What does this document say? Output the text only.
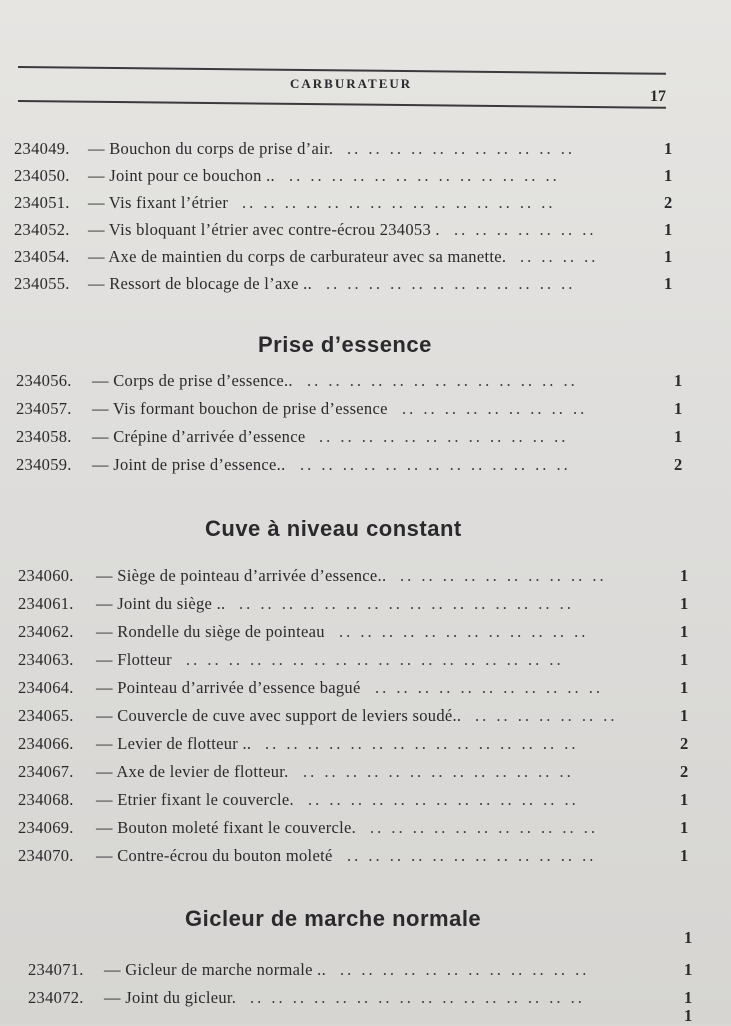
CARBURATEUR
17
234049. — Bouchon du corps de prise d’air. .. .. .. .. .. .. .. .. .. .. ..	1
234050. — Joint pour ce bouchon .. .. .. .. .. .. .. .. .. .. .. .. .. ..	1
234051. — Vis fixant l’étrier .. .. .. .. .. .. .. .. .. .. .. .. .. .. ..	2
234052. — Vis bloquant l’étrier avec contre-écrou 234053 . .. .. .. .. .. .. ..	1
234054. — Axe de maintien du corps de carburateur avec sa manette. .. .. .. ..	1
234055. — Ressort de blocage de l’axe .. .. .. .. .. .. .. .. .. .. .. .. ..	1
Prise d’essence
234056. — Corps de prise d’essence.. .. .. .. .. .. .. .. .. .. .. .. .. ..	1
234057. — Vis formant bouchon de prise d’essence .. .. .. .. .. .. .. .. ..	1
234058. — Crépine d’arrivée d’essence .. .. .. .. .. .. .. .. .. .. .. ..	1
234059. — Joint de prise d’essence.. .. .. .. .. .. .. .. .. .. .. .. .. ..	2
Cuve à niveau constant
234060. — Siège de pointeau d’arrivée d’essence.. .. .. .. .. .. .. .. .. .. ..	1
234061. — Joint du siège .. .. .. .. .. .. .. .. .. .. .. .. .. .. .. .. ..	1
234062. — Rondelle du siège de pointeau .. .. .. .. .. .. .. .. .. .. .. ..	1
234063. — Flotteur .. .. .. .. .. .. .. .. .. .. .. .. .. .. .. .. .. ..	1
234064. — Pointeau d’arrivée d’essence bagué .. .. .. .. .. .. .. .. .. .. ..	1
234065. — Couvercle de cuve avec support de leviers soudé.. .. .. .. .. .. .. ..	1
234066. — Levier de flotteur .. .. .. .. .. .. .. .. .. .. .. .. .. .. .. ..	2
234067. — Axe de levier de flotteur. .. .. .. .. .. .. .. .. .. .. .. .. ..	2
234068. — Etrier fixant le couvercle. .. .. .. .. .. .. .. .. .. .. .. .. ..	1
234069. — Bouton moleté fixant le couvercle. .. .. .. .. .. .. .. .. .. .. ..	1
234070. — Contre-écrou du bouton moleté .. .. .. .. .. .. .. .. .. .. .. ..	1
Gicleur de marche normale
234071. — Gicleur de marche normale .. .. .. .. .. .. .. .. .. .. .. .. ..	1
234072. — Joint du gicleur. .. .. .. .. .. .. .. .. .. .. .. .. .. .. .. ..	1
1
1
